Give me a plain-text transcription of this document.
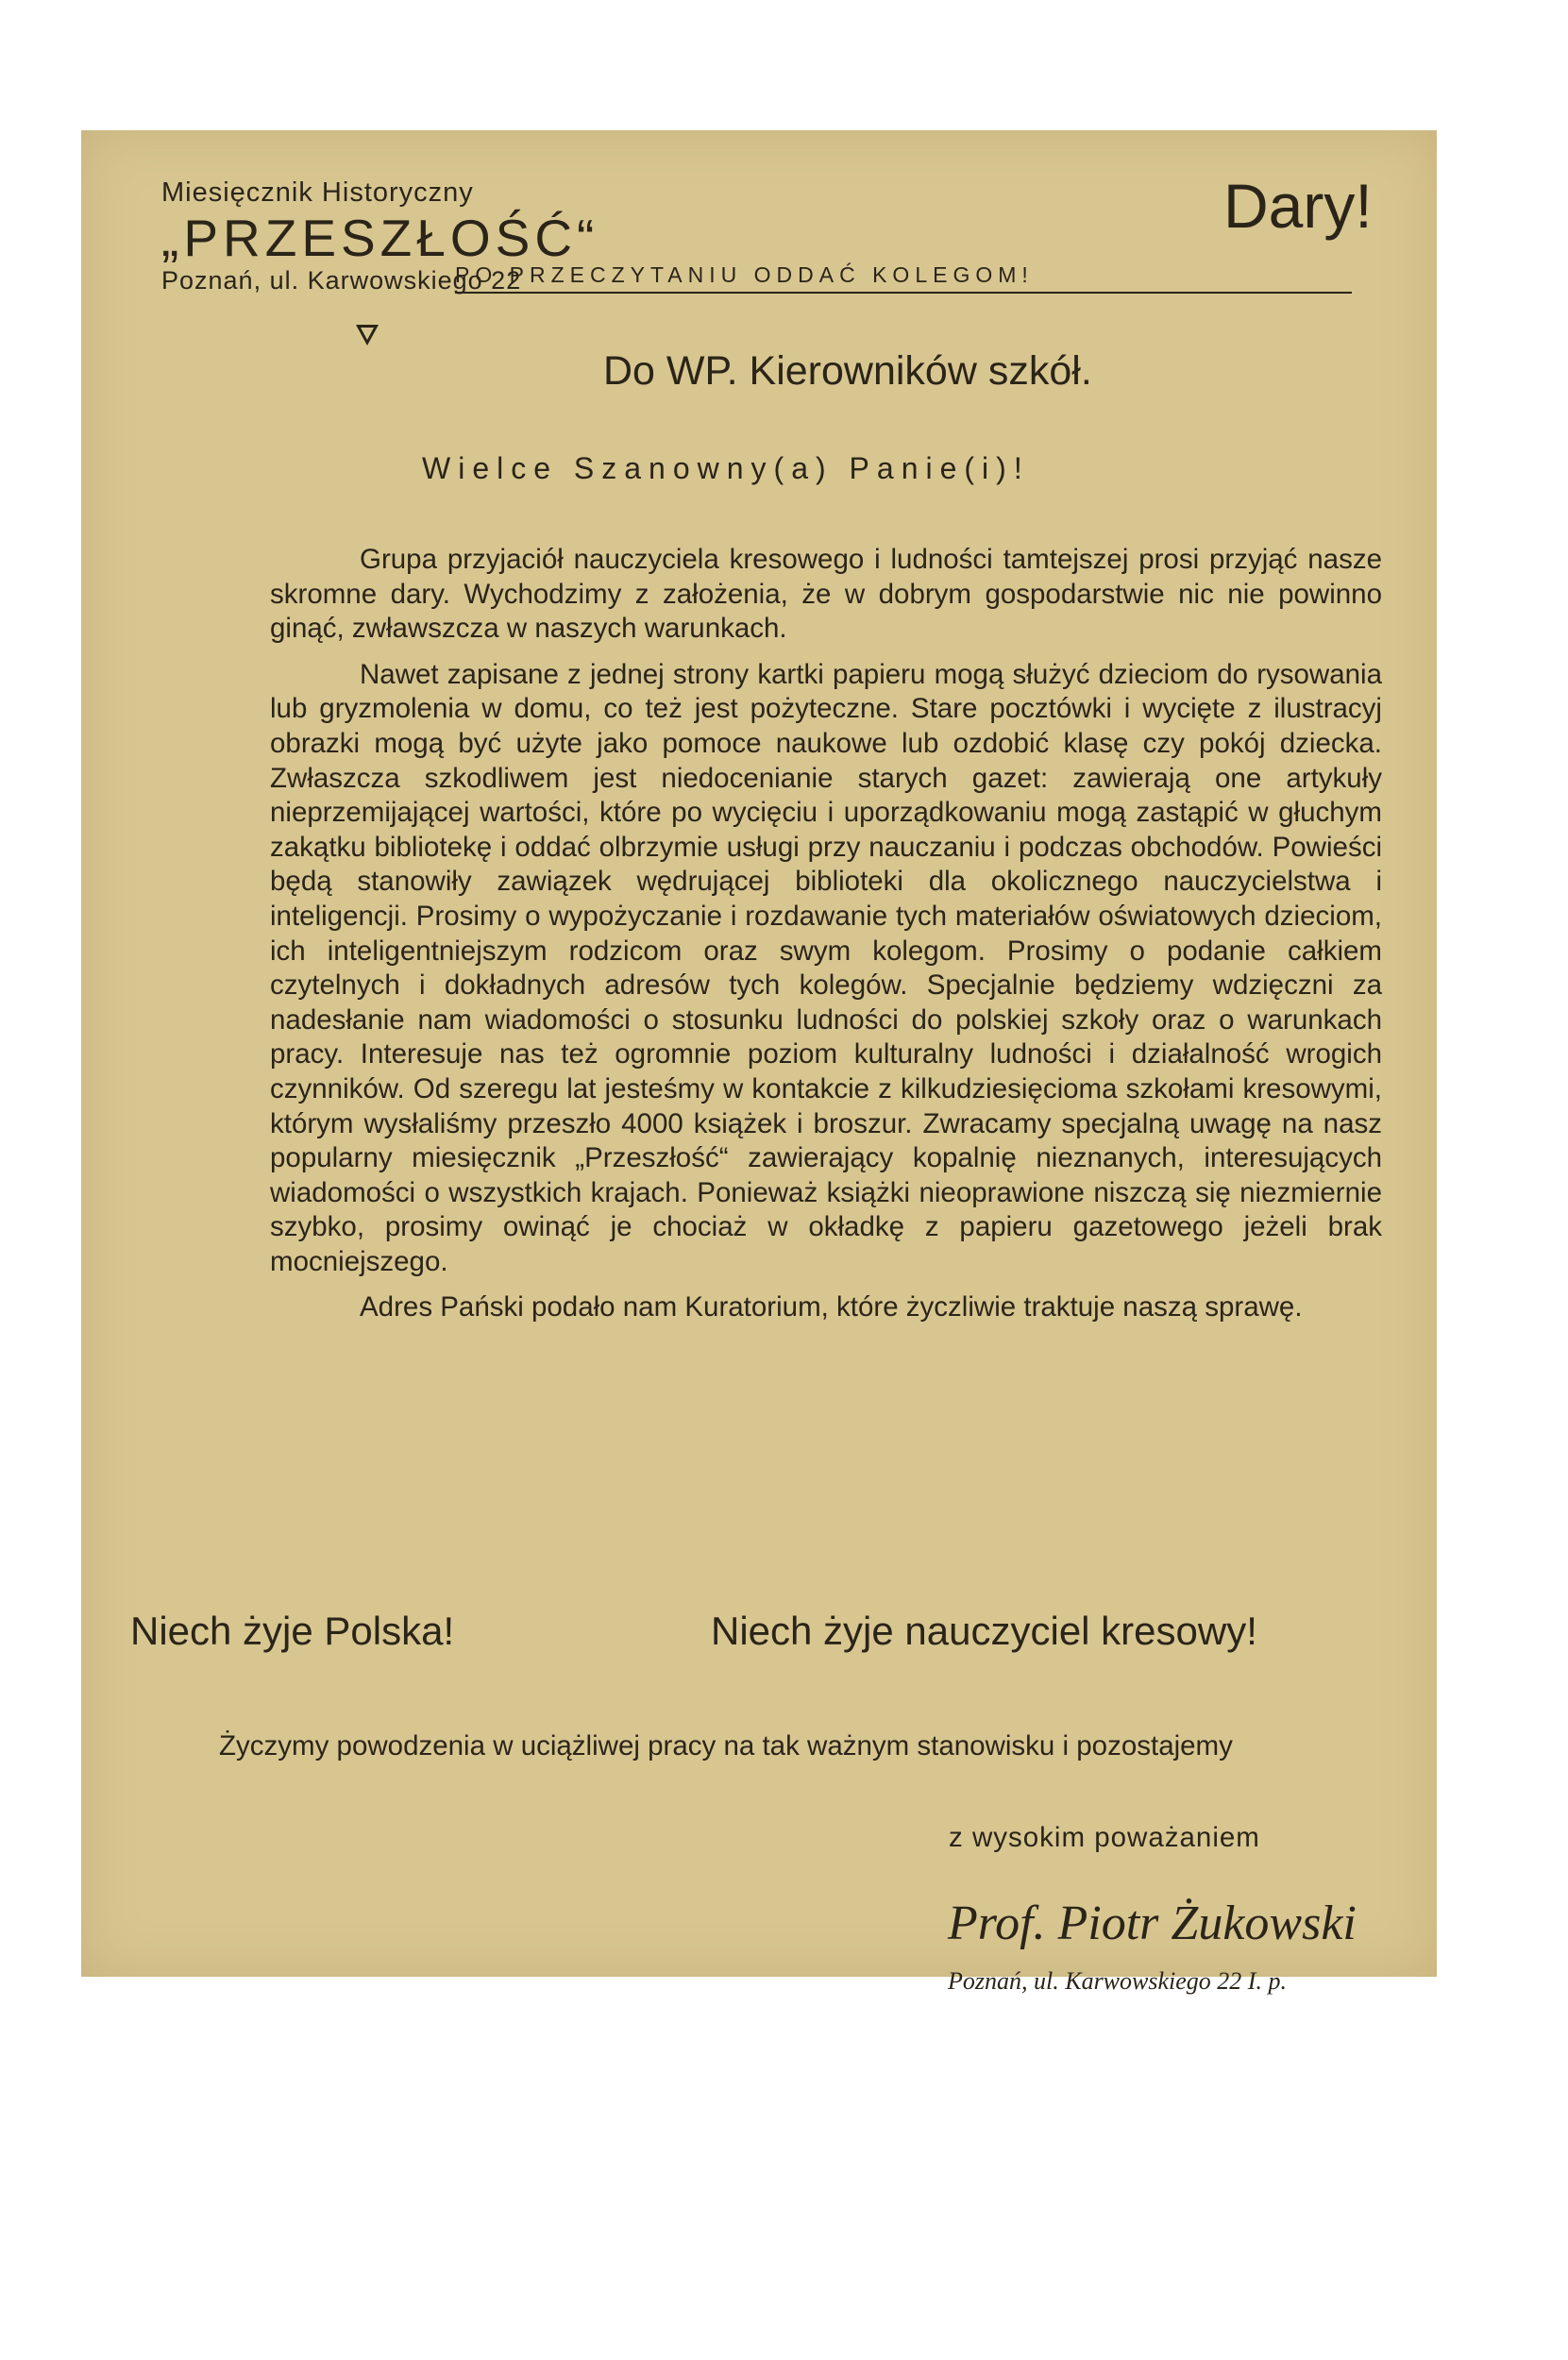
Miesięcznik Historyczny
„PRZESZŁOŚĆ“
Poznań, ul. Karwowskiego 22
Dary!
PO PRZECZYTANIU ODDAĆ KOLEGOM!
Do WP. Kierowników szkół.
Wielce Szanowny(a) Panie(i)!

Grupa przyjaciół nauczyciela kresowego i ludności tamtejszej prosi przyjąć nasze skromne dary. Wychodzimy z założenia, że w dobrym gospodarstwie nic nie powinno ginąć, zwławszcza w naszych warunkach.

Nawet zapisane z jednej strony kartki papieru mogą służyć dzieciom do rysowania lub gryzmolenia w domu, co też jest pożyteczne. Stare pocztówki i wycięte z ilustracyj obrazki mogą być użyte jako pomoce naukowe lub ozdobić klasę czy pokój dziecka. Zwłaszcza szkodliwem jest niedocenianie starych gazet: zawierają one artykuły nieprzemijającej wartości, które po wycięciu i uporządkowaniu mogą zastąpić w głuchym zakątku bibliotekę i oddać olbrzymie usługi przy nauczaniu i podczas obchodów. Powieści będą stanowiły zawiązek wędrującej biblioteki dla okolicznego nauczycielstwa i inteligencji. Prosimy o wypożyczanie i rozdawanie tych materiałów oświatowych dzieciom, ich inteligentniejszym rodzicom oraz swym kolegom. Prosimy o podanie całkiem czytelnych i dokładnych adresów tych kolegów. Specjalnie będziemy wdzięczni za nadesłanie nam wiadomości o stosunku ludności do polskiej szkoły oraz o warunkach pracy. Interesuje nas też ogromnie poziom kulturalny ludności i działalność wrogich czynników. Od szeregu lat jesteśmy w kontakcie z kilkudziesięcioma szkołami kresowymi, którym wysłaliśmy przeszło 4000 książek i broszur. Zwracamy specjalną uwagę na nasz popularny miesięcznik „Przeszłość“ zawierający kopalnię nieznanych, interesujących wiadomości o wszystkich krajach. Ponieważ książki nieoprawione niszczą się niezmiernie szybko, prosimy owinąć je chociaż w okładkę z papieru gazetowego jeżeli brak mocniejszego.

Adres Pański podało nam Kuratorium, które życzliwie traktuje naszą sprawę.

Niech żyje Polska!	Niech żyje nauczyciel kresowy!

Życzymy powodzenia w uciążliwej pracy na tak ważnym stanowisku i pozostajemy

z wysokim poważaniem
Prof. Piotr Żukowski
Poznań, ul. Karwowskiego 22 I. p.
